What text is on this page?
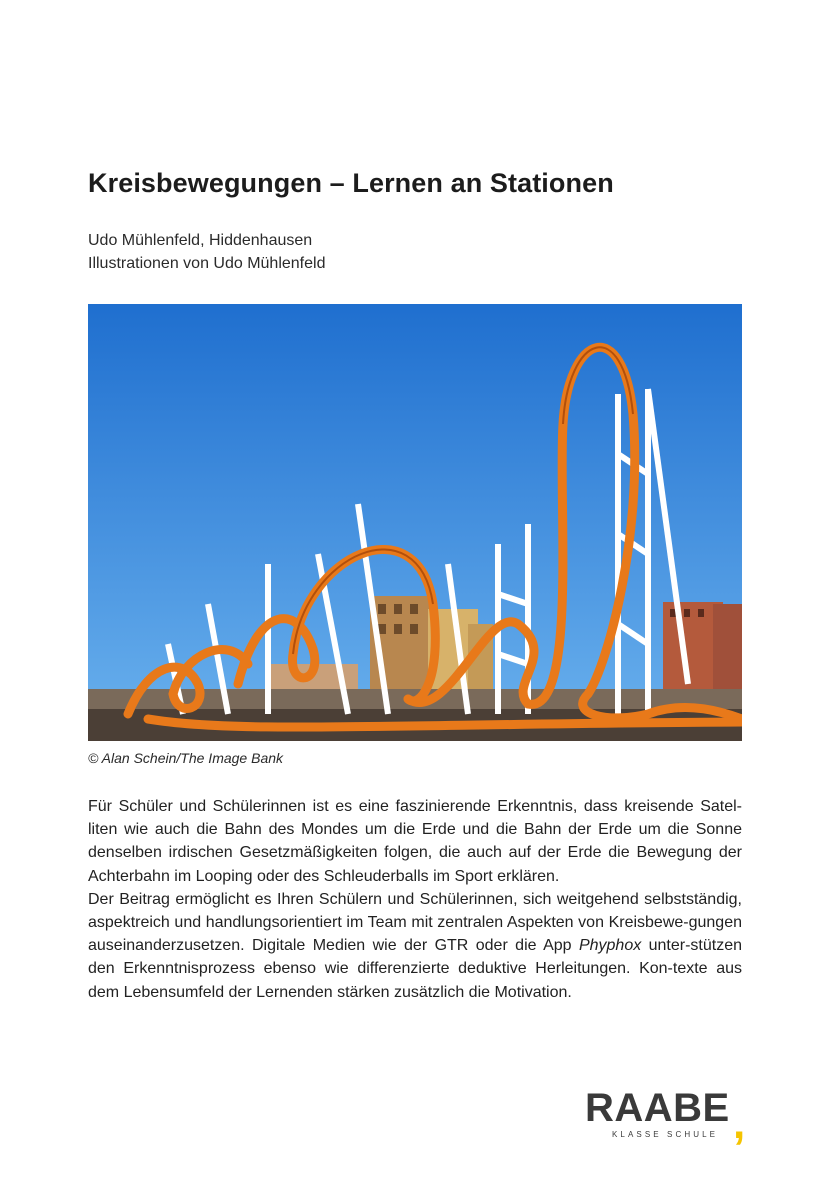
Kreisbewegungen – Lernen an Stationen

Udo Mühlenfeld, Hiddenhausen

Illustrationen von Udo Mühlenfeld

© Alan Schein/The Image Bank

Für Schüler und Schülerinnen ist es eine faszinierende Erkenntnis, dass kreisende Satel-liten wie auch die Bahn des Mondes um die Erde und die Bahn der Erde um die Sonne denselben irdischen Gesetzmäßigkeiten folgen, die auch auf der Erde die Bewegung der Achterbahn im Looping oder des Schleuderballs im Sport erklären.

Der Beitrag ermöglicht es Ihren Schülern und Schülerinnen, sich weitgehend selbstständig, aspektreich und handlungsorientiert im Team mit zentralen Aspekten von Kreisbewe-gungen auseinanderzusetzen. Digitale Medien wie der GTR oder die App Phyphox unter-stützen den Erkenntnisprozess ebenso wie differenzierte deduktive Herleitungen. Kon-texte aus dem Lebensumfeld der Lernenden stärken zusätzlich die Motivation.

RAABE ,
KLASSE SCHULE
